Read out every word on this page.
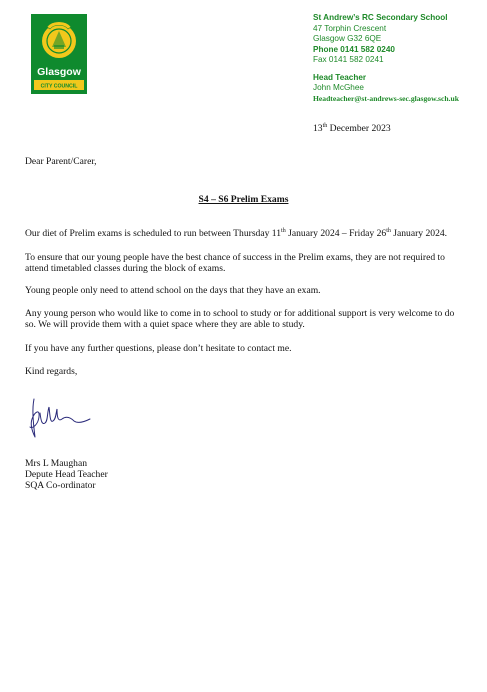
Glasgow
CITY COUNCIL
St Andrew’s RC Secondary School
47 Torphin Crescent
Glasgow G32 6QE
Phone 0141 582 0240
Fax 0141 582 0241
Head Teacher
John McGhee
Headteacher@st-andrews-sec.glasgow.sch.uk
13th December 2023
Dear Parent/Carer,
S4 – S6 Prelim Exams
Our diet of Prelim exams is scheduled to run between Thursday 11th January 2024 – Friday 26th January 2024.
To ensure that our young people have the best chance of success in the Prelim exams, they are not required to attend timetabled classes during the block of exams.
Young people only need to attend school on the days that they have an exam.
Any young person who would like to come in to school to study or for additional support is very welcome to do so. We will provide them with a quiet space where they are able to study.
If you have any further questions, please don’t hesitate to contact me.
Kind regards,
Mrs L Maughan
Depute Head Teacher
SQA Co-ordinator
